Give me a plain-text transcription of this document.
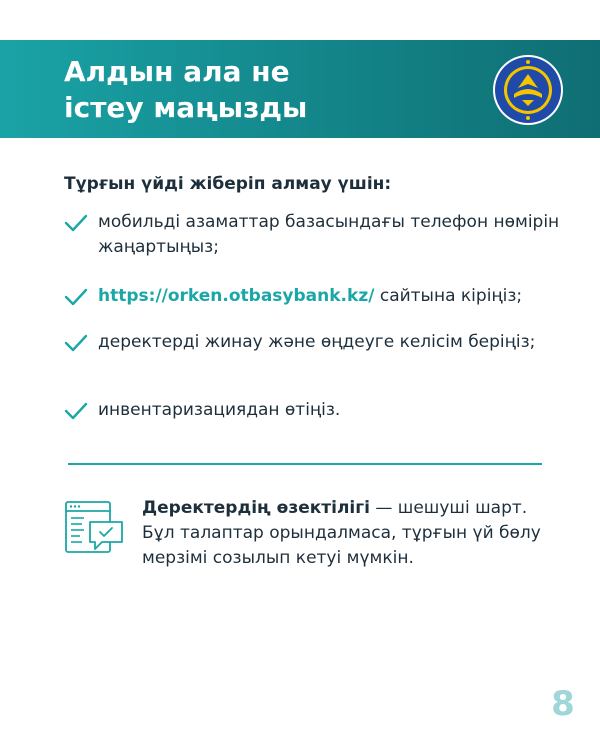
Алдын ала не
істеу маңызды
Тұрғын үйді жіберіп алмау үшін:
мобильді азаматтар базасындағы телефон нөмірін жаңартыңыз;
https://orken.otbasybank.kz/ сайтына кіріңіз;
деректерді жинау және өңдеуге келісім беріңіз;
инвентаризациядан өтіңіз.

Деректердің өзектілігі — шешуші шарт. Бұл талаптар орындалмаса, тұрғын үй бөлу мерзімі созылып кетуі мүмкін.

8
